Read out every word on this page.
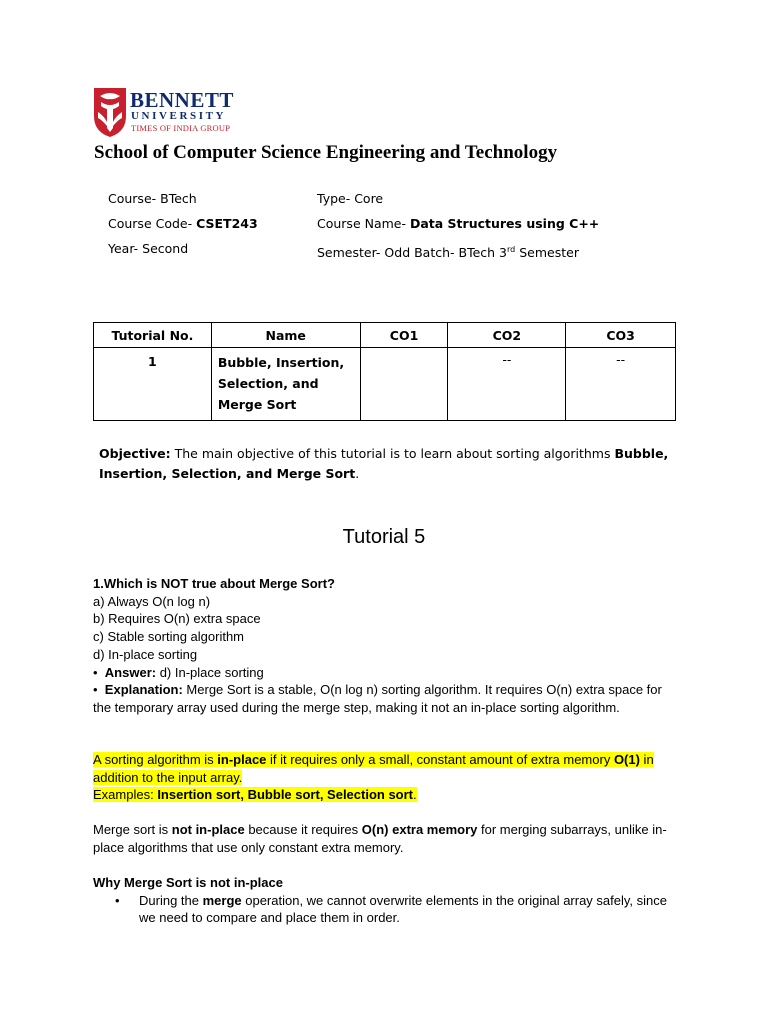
BENNETT
UNIVERSITY
TIMES OF INDIA GROUP
School of Computer Science Engineering and Technology
Course- BTech	Type- Core
Course Code- CSET243	Course Name- Data Structures using C++
Year- Second	Semester- Odd Batch- BTech 3rd Semester
Tutorial No.	Name	CO1	CO2	CO3
1	Bubble, Insertion, Selection, and Merge Sort		--	--
Objective: The main objective of this tutorial is to learn about sorting algorithms Bubble, Insertion, Selection, and Merge Sort.
Tutorial 5
1.Which is NOT true about Merge Sort?
a) Always O(n log n)
b) Requires O(n) extra space
c) Stable sorting algorithm
d) In-place sorting
• Answer: d) In-place sorting
• Explanation: Merge Sort is a stable, O(n log n) sorting algorithm. It requires O(n) extra space for the temporary array used during the merge step, making it not an in-place sorting algorithm.
A sorting algorithm is in-place if it requires only a small, constant amount of extra memory O(1) in addition to the input array.
Examples: Insertion sort, Bubble sort, Selection sort.
Merge sort is not in-place because it requires O(n) extra memory for merging subarrays, unlike in-place algorithms that use only constant extra memory.
Why Merge Sort is not in-place
• During the merge operation, we cannot overwrite elements in the original array safely, since we need to compare and place them in order.
